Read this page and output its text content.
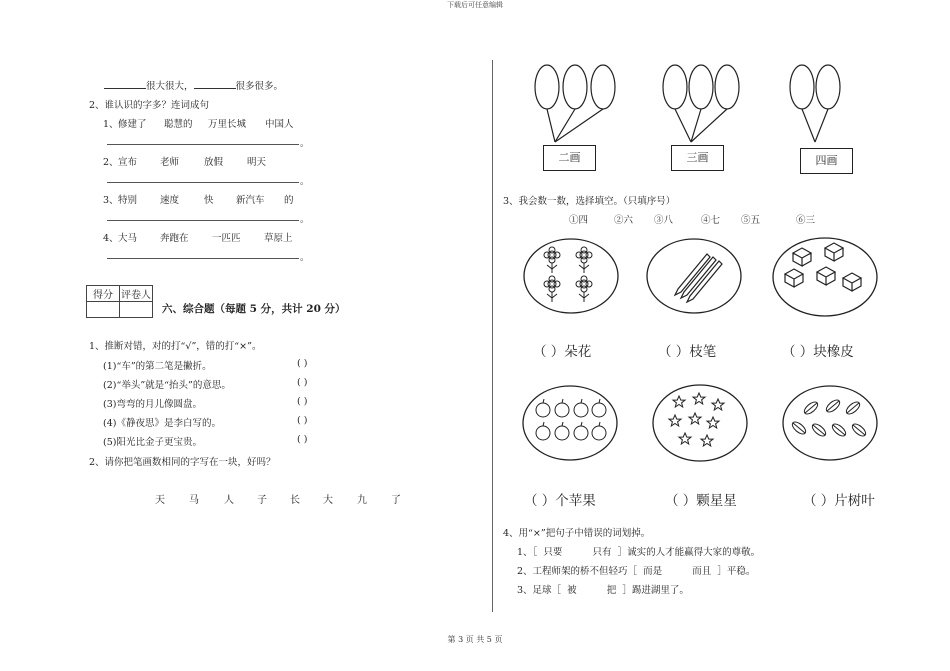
下载后可任意编辑
第 3 页 共 5 页
很大很大，	很多很多。
2、谁认识的字多？连词成句
1、 修建了 聪慧的 万里长城 中国人
。
2、 宣布 老师	放假	明天
。
3、 特别 速度	快 新汽车 的
。
4、 大马 奔跑在 一匹匹 草原上
。
得分	评卷人

六、综合题（每题 5 分，共计 20 分）
1、推断对错，对的打“√”，错的打“×”。
(1)“车”的第二笔是撇折。	( )
(2)“举头”就是“抬头”的意思。	( )
(3)弯弯的月儿像圆盘。	( )
(4)《静夜思》是李白写的。	( )
(5)阳光比金子更宝贵。	( )
2、请你把笔画数相同的字写在一块，好吗？
天 马	人 子 长 大 九 了
二画	三画	四画
3、我会数一数，选择填空。（只填序号）
①四	②六 ③八	④七 ⑤五	⑥三
（ ）朵花	（ ）枝笔	（ ）块橡皮
（ ）个苹果	（ ）颗星星	（ ）片树叶
4、用“×”把句子中错误的词划掉。
1、［  只要          只有  ］诚实的人才能赢得大家的尊敬。
2、工程师架的桥不但轻巧［  而是          而且  ］平稳。
3、足球［  被          把  ］踢进湖里了。
